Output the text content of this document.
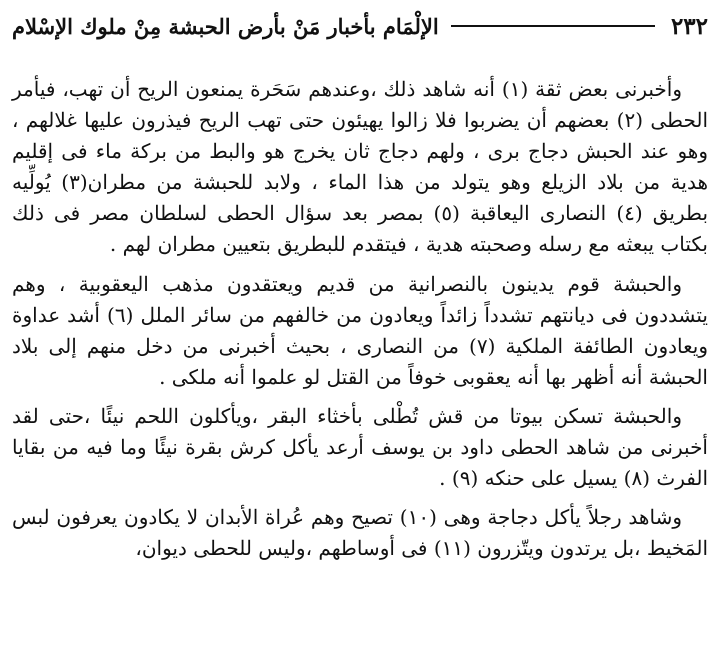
٢٣٢
الإلْمَام بأخبار مَنْ بأرض الحبشة مِنْ ملوك الإسْلام

وأخبرنى بعض ثقة (١) أنه شاهد ذلك ،وعندهم سَحَرة يمنعون الريح أن تهب، فيأمر الحطى (٢) بعضهم أن يضربوا فلا زالوا يهيئون حتى تهب الريح فيذرون عليها غلالهم ، وهو عند الحبش دجاج برى ، ولهم دجاج ثان يخرج هو والبط من بركة ماء فى إقليم هدية من بلاد الزيلع وهو يتولد من هذا الماء ، ولابد للحبشة من مطران(٣) يُولِّيه بطريق (٤) النصارى اليعاقبة (٥) بمصر بعد سؤال الحطى لسلطان مصر فى ذلك بكتاب يبعثه مع رسله وصحبته هدية ، فيتقدم للبطريق بتعيين مطران لهم .

والحبشة قوم يدينون بالنصرانية من قديم ويعتقدون مذهب اليعقوبية ، وهم يتشددون فى ديانتهم تشدداً زائداً ويعادون من خالفهم من سائر الملل (٦) أشد عداوة ويعادون الطائفة الملكية (٧) من النصارى ، بحيث أخبرنى من دخل منهم إلى بلاد الحبشة أنه أظهر بها أنه يعقوبى خوفاً من القتل لو علموا أنه ملكى .

والحبشة تسكن بيوتا من قش تُطْلى بأخثاء البقر ،ويأكلون اللحم نيئًا ،حتى لقد أخبرنى من شاهد الحطى داود بن يوسف أرعد يأكل كرش بقرة نيئًا وما فيه من بقايا الفرث (٨) يسيل على حنكه (٩) .

وشاهد رجلاً يأكل دجاجة وهى (١٠) تصيح وهم عُراة الأبدان لا يكادون يعرفون لبس المَخيط ،بل يرتدون ويتّزرون (١١) فى أوساطهم ،وليس للحطى ديوان،
